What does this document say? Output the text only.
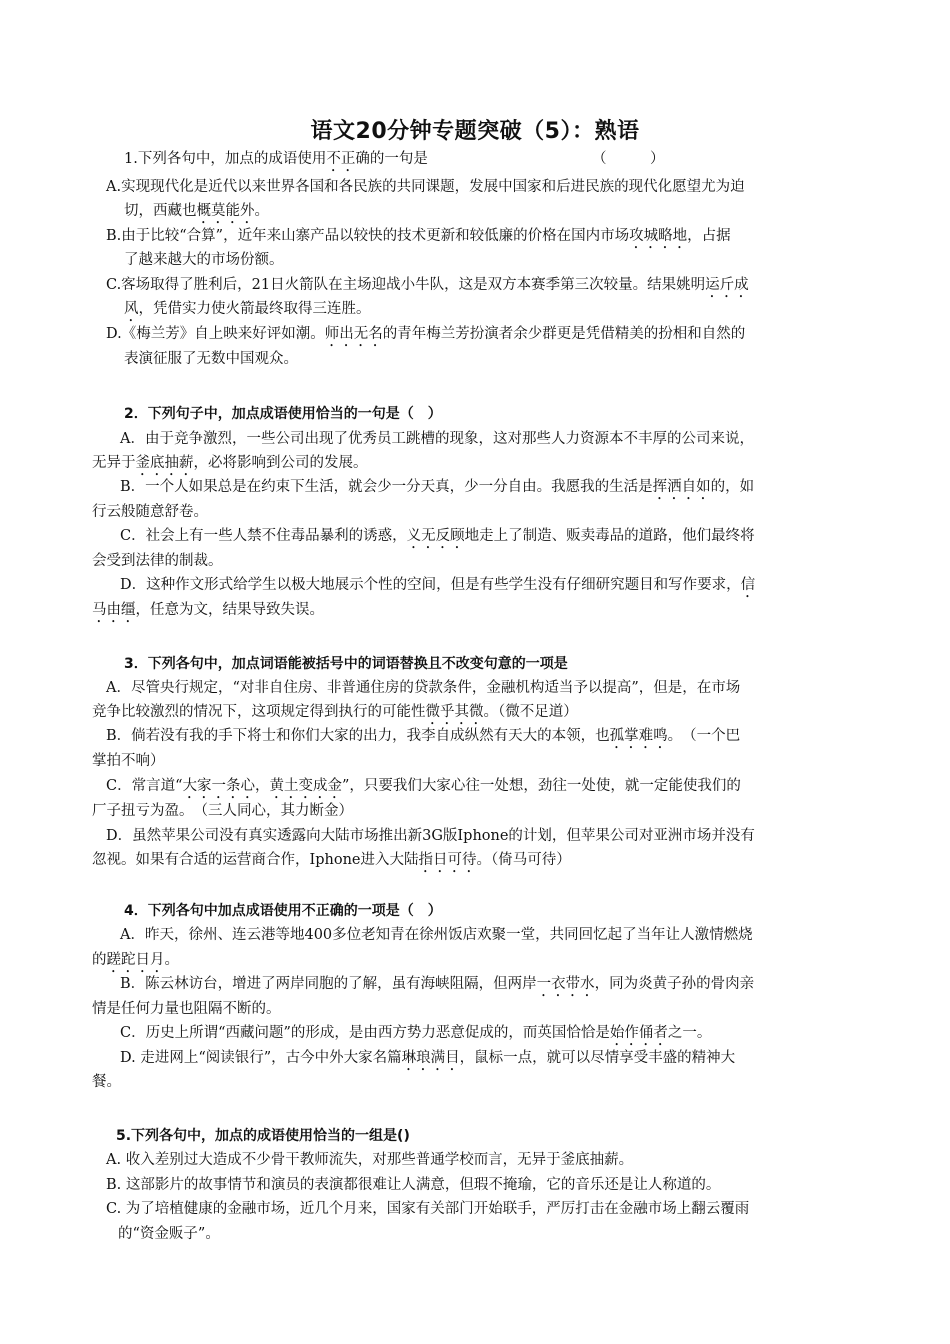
语文20分钟专题突破（5）：熟语
1.下列各句中，加点的成语使用不正确的一句是	（　　　）
A.实现现代化是近代以来世界各国和各民族的共同课题，发展中国家和后进民族的现代化愿望尤为迫
切，西藏也概莫能外。
B.由于比较“合算”，近年来山寨产品以较快的技术更新和较低廉的价格在国内市场攻城略地，占据
了越来越大的市场份额。
C.客场取得了胜利后，21日火箭队在主场迎战小牛队，这是双方本赛季第三次较量。结果姚明运斤成
风，凭借实力使火箭最终取得三连胜。
D.《梅兰芳》自上映来好评如潮。师出无名的青年梅兰芳扮演者余少群更是凭借精美的扮相和自然的
表演征服了无数中国观众。
2．下列句子中，加点成语使用恰当的一句是（　）
A．由于竞争激烈，一些公司出现了优秀员工跳槽的现象，这对那些人力资源本不丰厚的公司来说，
无异于釜底抽薪，必将影响到公司的发展。
B．一个人如果总是在约束下生活，就会少一分天真，少一分自由。我愿我的生活是挥洒自如的，如
行云般随意舒卷。
C．社会上有一些人禁不住毒品暴利的诱惑，义无反顾地走上了制造、贩卖毒品的道路，他们最终将
会受到法律的制裁。
D．这种作文形式给学生以极大地展示个性的空间，但是有些学生没有仔细研究题目和写作要求，信
马由缰，任意为文，结果导致失误。
3．下列各句中，加点词语能被括号中的词语替换且不改变句意的一项是
A．尽管央行规定，“对非自住房、非普通住房的贷款条件，金融机构适当予以提高”，但是，在市场
竞争比较激烈的情况下，这项规定得到执行的可能性微乎其微。（微不足道）
B．倘若没有我的手下将士和你们大家的出力，我李自成纵然有天大的本领，也孤掌难鸣。　（一个巴
掌拍不响）
C．常言道“大家一条心，黄土变成金”，只要我们大家心往一处想，劲往一处使，就一定能使我们的
厂子扭亏为盈。　（三人同心，其力断金）
D．虽然苹果公司没有真实透露向大陆市场推出新3G版Iphone的计划，但苹果公司对亚洲市场并没有
忽视。如果有合适的运营商合作，Iphone进入大陆指日可待。（倚马可待）
4．下列各句中加点成语使用不正确的一项是（　）
A．昨天，徐州、连云港等地400多位老知青在徐州饭店欢聚一堂，共同回忆起了当年让人激情燃烧
的蹉跎日月。
B．陈云林访台，增进了两岸同胞的了解，虽有海峡阻隔，但两岸一衣带水，同为炎黄子孙的骨肉亲
情是任何力量也阻隔不断的。
C．历史上所谓“西藏问题”的形成，是由西方势力恶意促成的，而英国恰恰是始作俑者之一。
D. 走进网上“阅读银行”，古今中外大家名篇琳琅满目，鼠标一点，就可以尽情享受丰盛的精神大
餐。
5.下列各句中，加点的成语使用恰当的一组是()
A. 收入差别过大造成不少骨干教师流失，对那些普通学校而言，无异于釜底抽薪。
B. 这部影片的故事情节和演员的表演都很难让人满意，但瑕不掩瑜，它的音乐还是让人称道的。
C. 为了培植健康的金融市场，近几个月来，国家有关部门开始联手，严厉打击在金融市场上翻云覆雨
的“资金贩子”。
